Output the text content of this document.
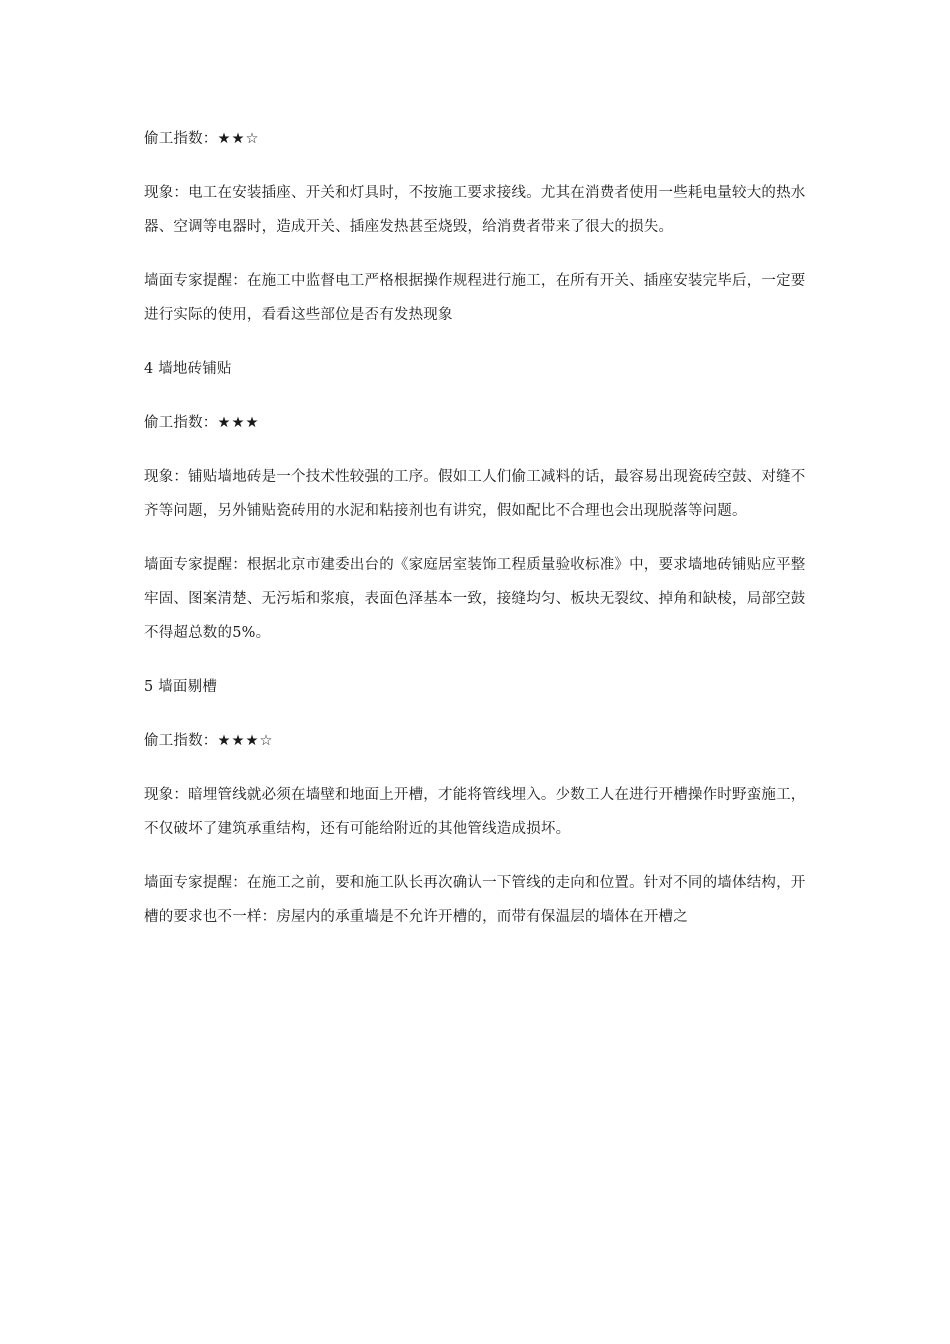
偷工指数：★★☆

现象：电工在安装插座、开关和灯具时，不按施工要求接线。尤其在消费者使用一些耗电量较大的热水器、空调等电器时，造成开关、插座发热甚至烧毁，给消费者带来了很大的损失。

墙面专家提醒：在施工中监督电工严格根据操作规程进行施工，在所有开关、插座安装完毕后，一定要进行实际的使用，看看这些部位是否有发热现象

4 墙地砖铺贴
偷工指数：★★★

现象：铺贴墙地砖是一个技术性较强的工序。假如工人们偷工减料的话，最容易出现瓷砖空鼓、对缝不齐等问题，另外铺贴瓷砖用的水泥和粘接剂也有讲究，假如配比不合理也会出现脱落等问题。

墙面专家提醒：根据北京市建委出台的《家庭居室装饰工程质量验收标准》中，要求墙地砖铺贴应平整牢固、图案清楚、无污垢和浆痕，表面色泽基本一致，接缝均匀、板块无裂纹、掉角和缺棱，局部空鼓不得超总数的5%。

5 墙面剔槽
偷工指数：★★★☆

现象：暗埋管线就必须在墙壁和地面上开槽，才能将管线埋入。少数工人在进行开槽操作时野蛮施工，不仅破坏了建筑承重结构，还有可能给附近的其他管线造成损坏。

墙面专家提醒：在施工之前，要和施工队长再次确认一下管线的走向和位置。针对不同的墙体结构，开槽的要求也不一样：房屋内的承重墙是不允许开槽的，而带有保温层的墙体在开槽之
